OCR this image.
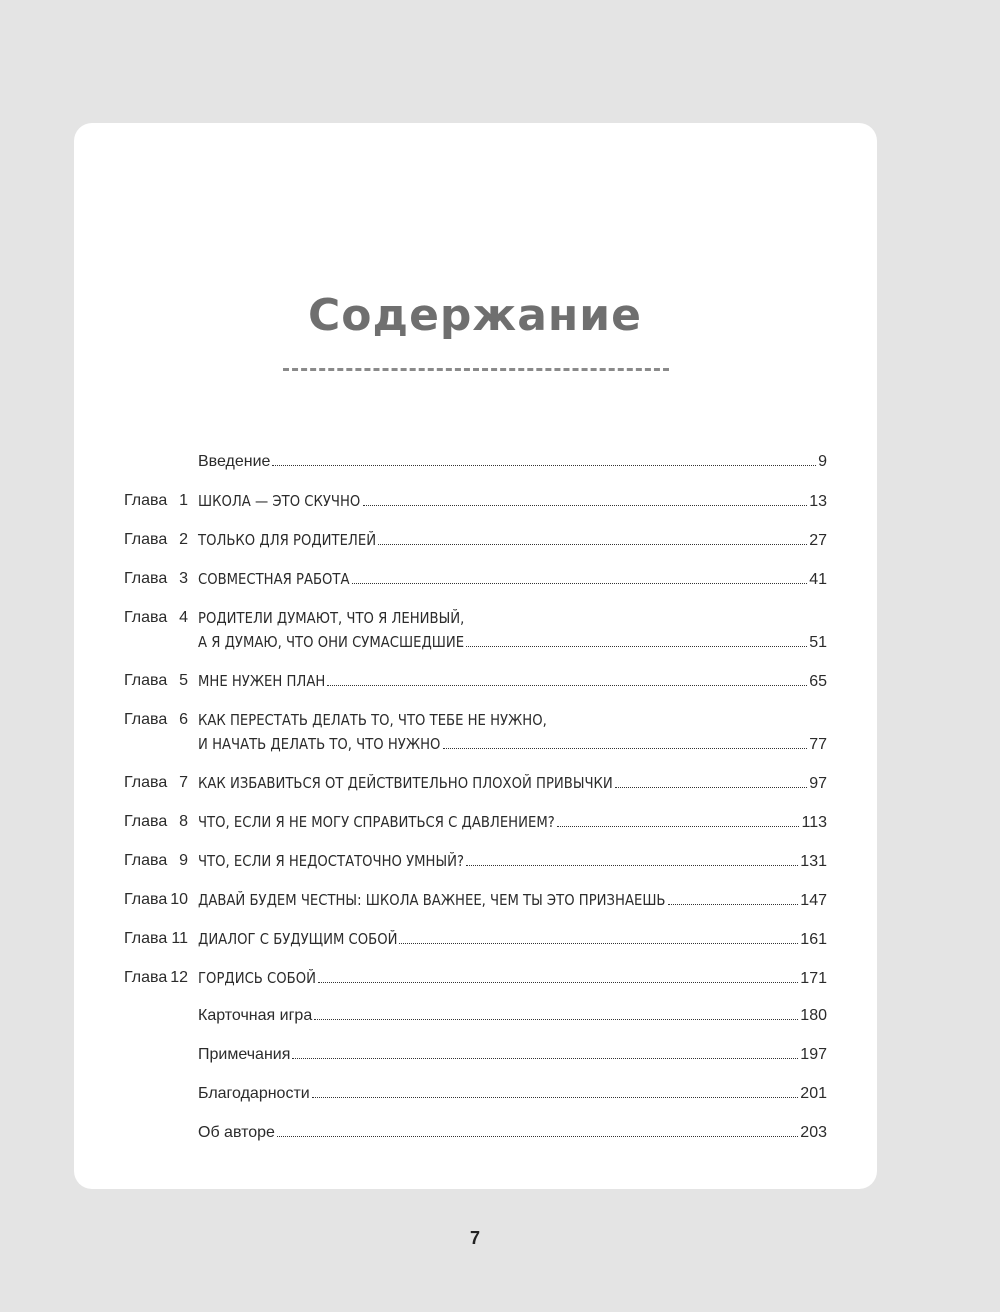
Содержание
Введение	9
Глава 1 ШКОЛА — ЭТО СКУЧНО	13
Глава 2 ТОЛЬКО ДЛЯ РОДИТЕЛЕЙ	27
Глава 3 СОВМЕСТНАЯ РАБОТА	41
Глава 4 РОДИТЕЛИ ДУМАЮТ, ЧТО Я ЛЕНИВЫЙ,
А Я ДУМАЮ, ЧТО ОНИ СУМАСШЕДШИЕ	51
Глава 5 МНЕ НУЖЕН ПЛАН	65
Глава 6 КАК ПЕРЕСТАТЬ ДЕЛАТЬ ТО, ЧТО ТЕБЕ НЕ НУЖНО,
И НАЧАТЬ ДЕЛАТЬ ТО, ЧТО НУЖНО	77
Глава 7 КАК ИЗБАВИТЬСЯ ОТ ДЕЙСТВИТЕЛЬНО ПЛОХОЙ ПРИВЫЧКИ	97
Глава 8 ЧТО, ЕСЛИ Я НЕ МОГУ СПРАВИТЬСЯ С ДАВЛЕНИЕМ?	113
Глава 9 ЧТО, ЕСЛИ Я НЕДОСТАТОЧНО УМНЫЙ?	131
Глава 10 ДАВАЙ БУДЕМ ЧЕСТНЫ: ШКОЛА ВАЖНЕЕ, ЧЕМ ТЫ ЭТО ПРИЗНАЕШЬ	147
Глава 11 ДИАЛОГ С БУДУЩИМ СОБОЙ	161
Глава 12 ГОРДИСЬ СОБОЙ	171
Карточная игра	180
Примечания	197
Благодарности	201
Об авторе	203
7
